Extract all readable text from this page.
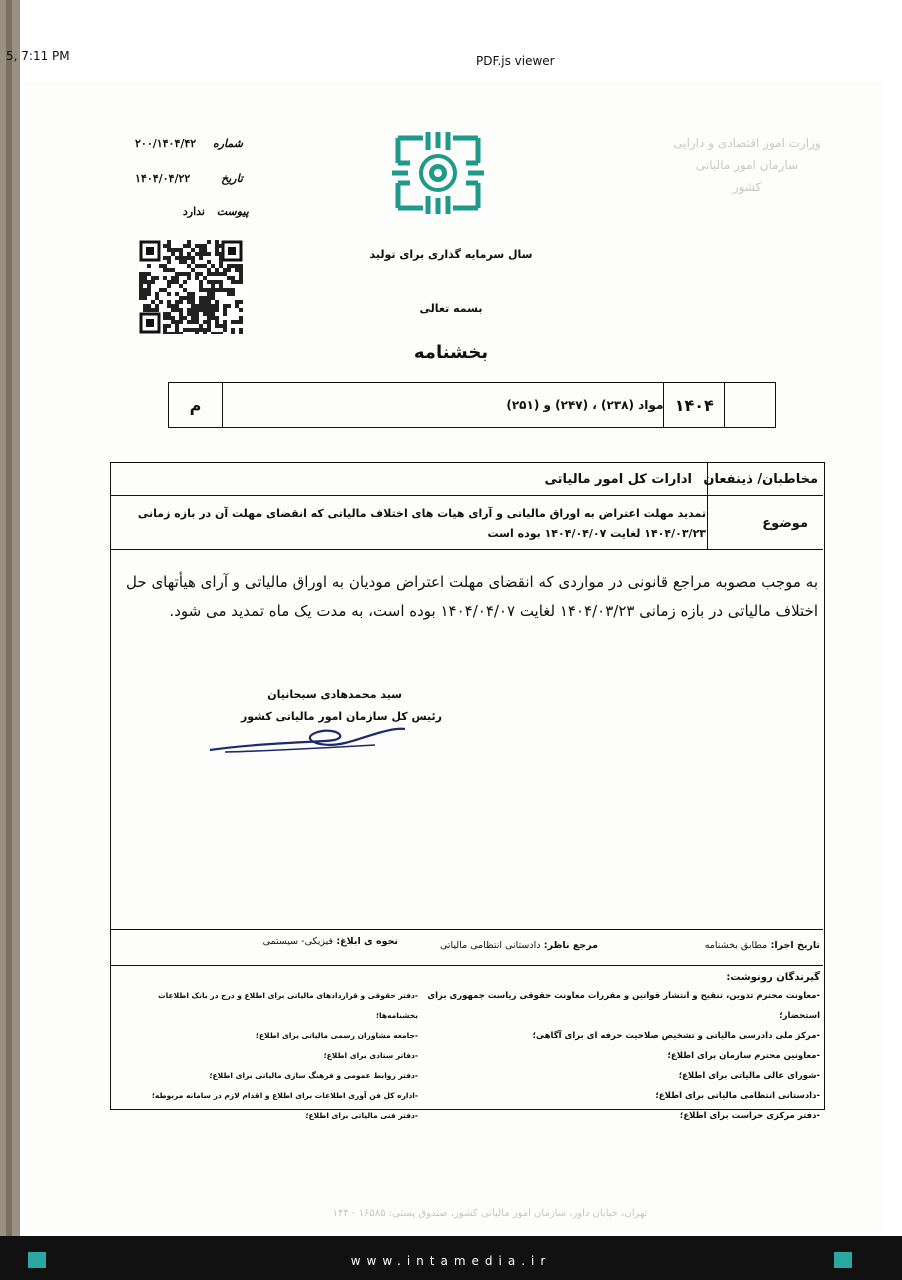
5, 7:11 PM	PDF.js viewer
۲۰۰/۱۴۰۴/۴۲ شماره
۱۴۰۴/۰۴/۲۲	تاریخ
ندارد پیوست
وزارت امور اقتصادی و دارایی
سازمان امور مالیاتی
کشور
سال سرمایه گذاری برای تولید
بسمه تعالی
بخشنامه
۱۴۰۴
مواد (۲۳۸) ، (۲۴۷) و (۲۵۱)
م
مخاطبان/ ذینفعان
ادارات کل امور مالیاتی
موضوع
تمدید مهلت اعتراض به اوراق مالیاتی و آرای هیات های اختلاف مالیاتی که انقضای مهلت آن در بازه زمانی ۱۴۰۴/۰۳/۲۳ لغایت ۱۴۰۴/۰۴/۰۷ بوده است
به موجب مصوبه مراجع قانونی در مواردی که انقضای مهلت اعتراض مودیان به اوراق مالیاتی و آرای هیأتهای حل اختلاف مالیاتی در بازه زمانی ۱۴۰۴/۰۳/۲۳ لغایت ۱۴۰۴/۰۴/۰۷ بوده است، به مدت یک ماه تمدید می شود.
سید محمدهادی سبحانیان
رئیس کل سازمان امور مالیاتی کشور
تاریخ اجرا: مطابق بخشنامه
مرجع ناظر: دادستانی انتظامی مالیاتی
نحوه ی ابلاغ: فیزیکی- سیستمی
گیرندگان رونوشت:
-معاونت محترم تدوین، تنقیح و انتشار قوانین و مقررات معاونت حقوقی ریاست جمهوری برای استحضار؛
-مرکز ملی دادرسی مالیاتی و تشخیص صلاحیت حرفه ای برای آگاهی؛
-معاونین محترم سازمان برای اطلاع؛
-شورای عالی مالیاتی برای اطلاع؛
-دادستانی انتظامی مالیاتی برای اطلاع؛
-دفتر مرکزی حراست برای اطلاع؛
-دفتر حقوقی و قراردادهای مالیاتی برای اطلاع و درج در بانک اطلاعات بخشنامه‌ها؛
-جامعه مشاوران رسمی مالیاتی برای اطلاع؛
-دفاتر ستادی برای اطلاع؛
-دفتر روابط عمومی و فرهنگ سازی مالیاتی برای اطلاع؛
-اداره کل فن آوری اطلاعات برای اطلاع و اقدام لازم در سامانه مربوطه؛
-دفتر فنی مالیاتی برای اطلاع؛
تهران، خیابان داور، سازمان امور مالیاتی کشور، صندوق پستی: ۱۶۵۸۵ - ۱۴۴
www.intamedia.ir
